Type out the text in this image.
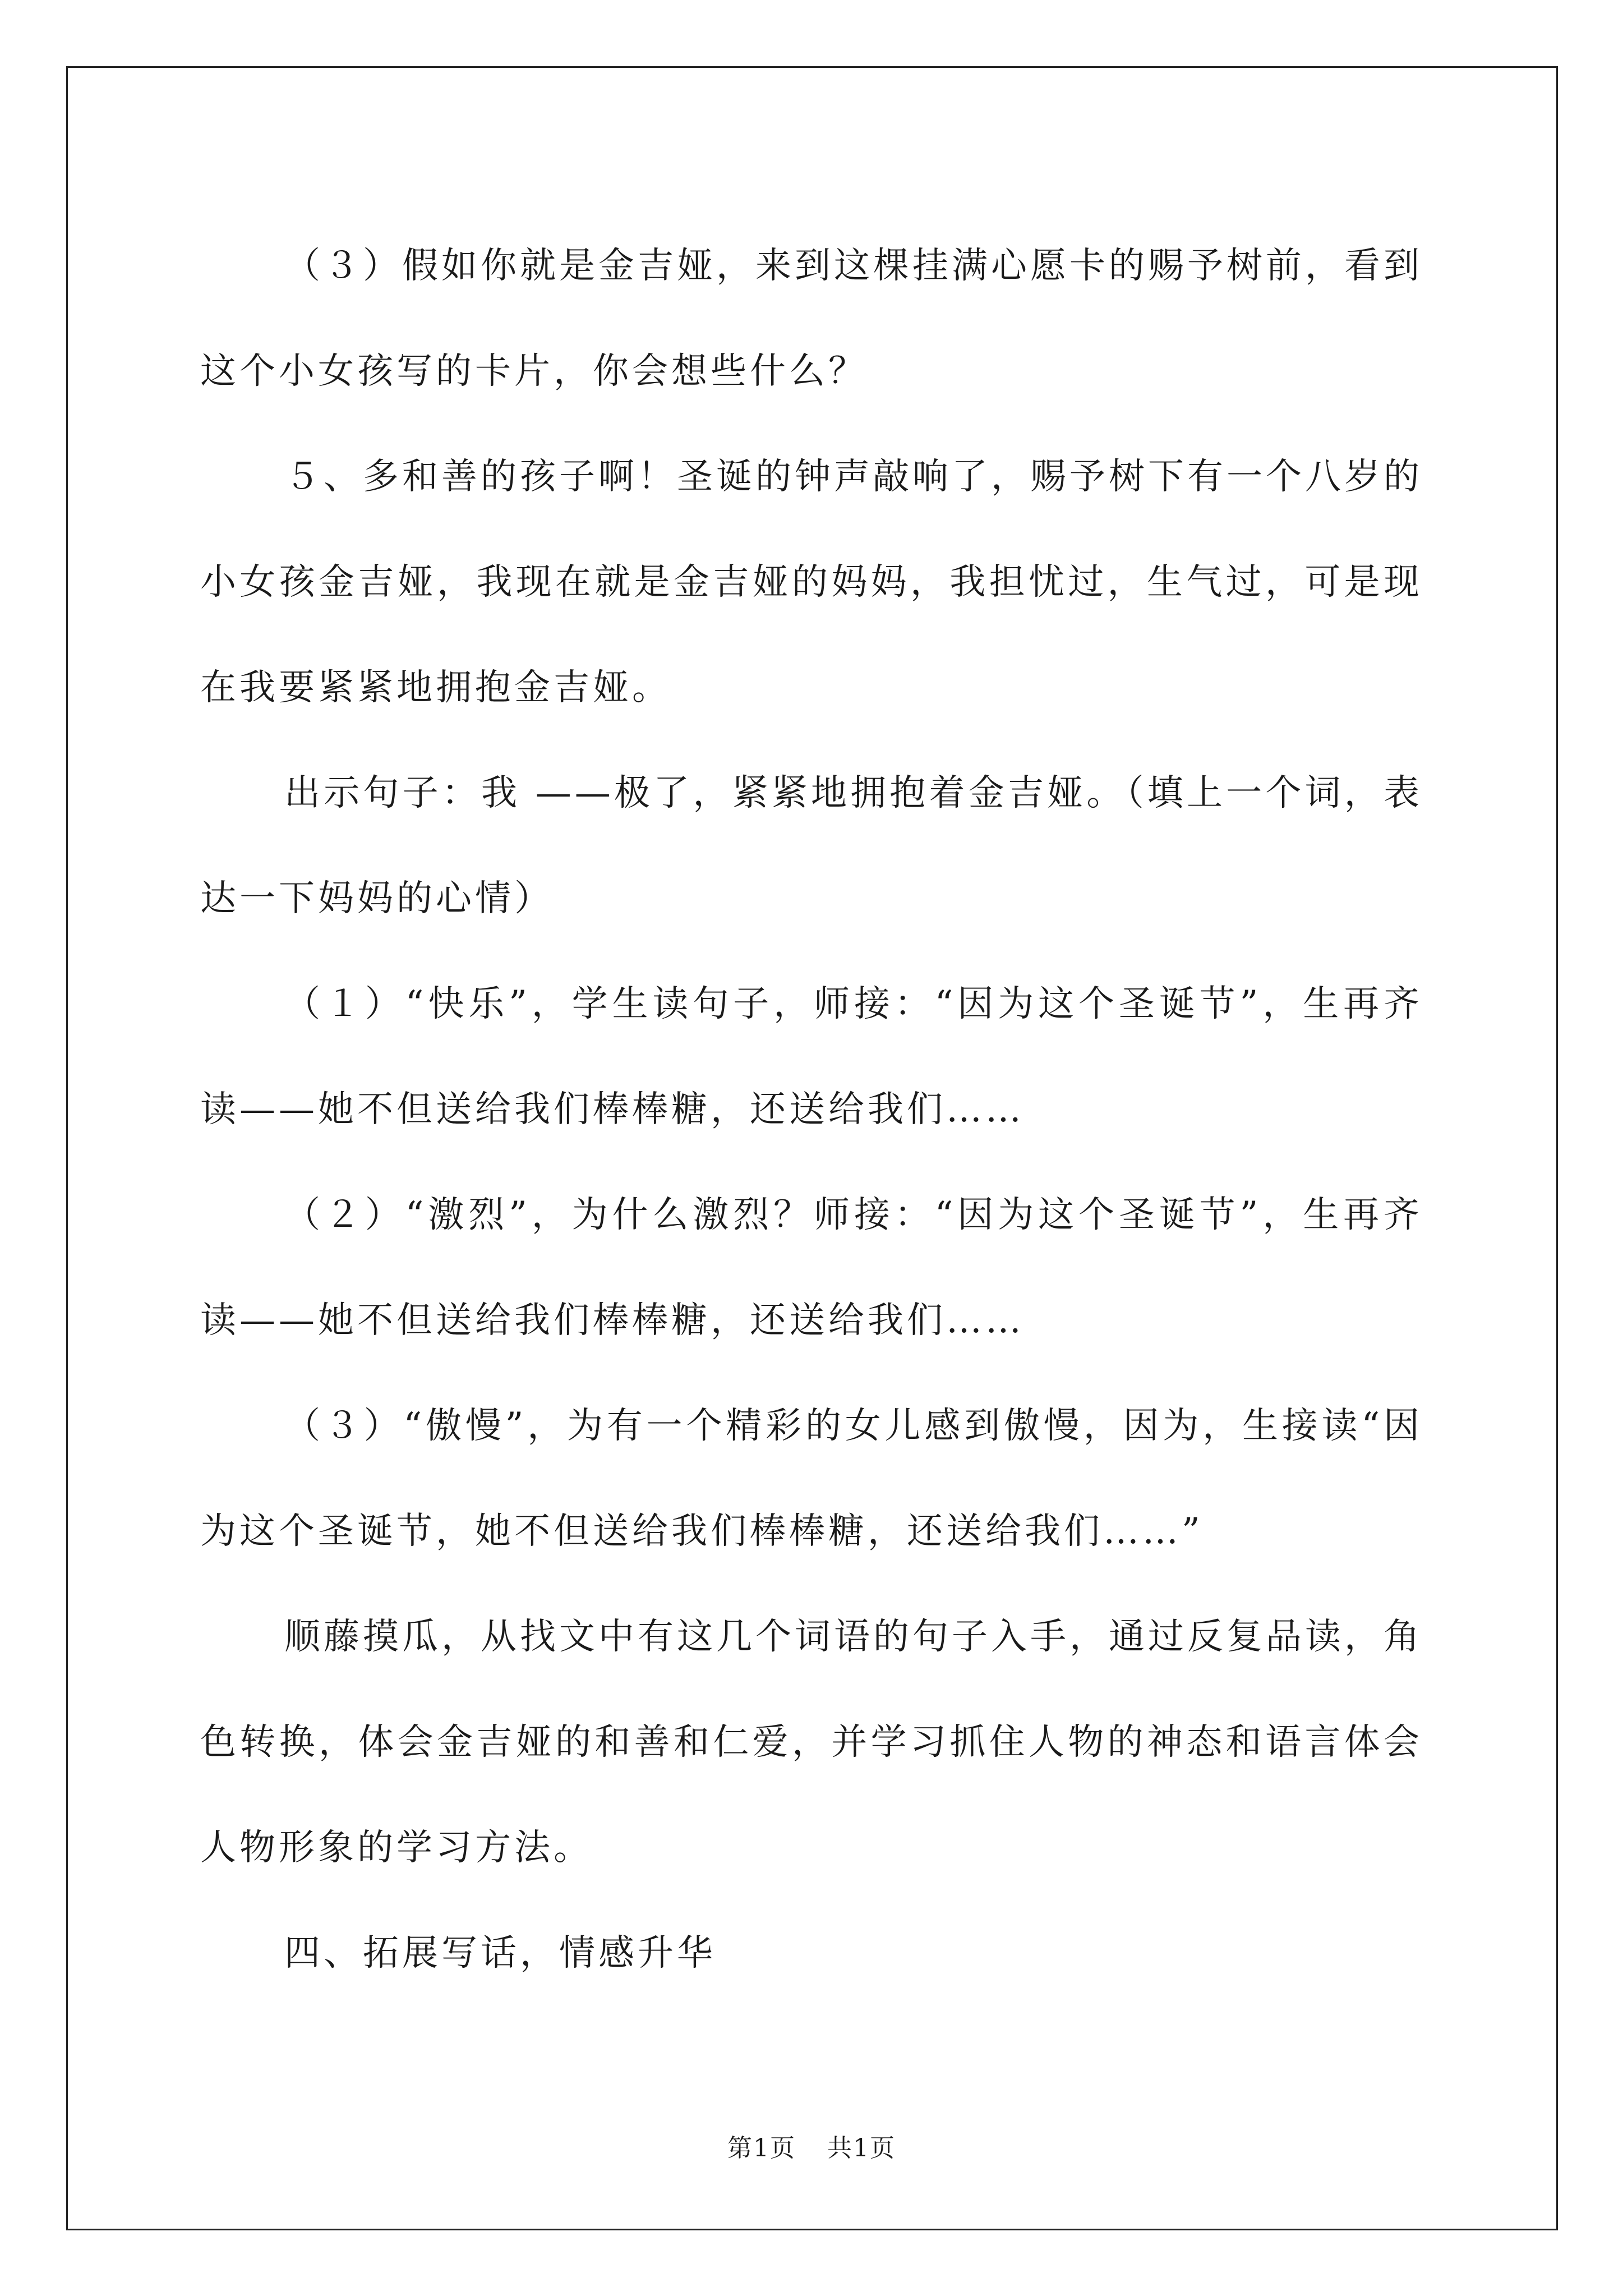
（３）假如你就是金吉娅，来到这棵挂满心愿卡的赐予树前，看到这个小女孩写的卡片，你会想些什么？

５、多和善的孩子啊！圣诞的钟声敲响了，赐予树下有一个八岁的小女孩金吉娅，我现在就是金吉娅的妈妈，我担忧过，生气过，可是现在我要紧紧地拥抱金吉娅。

出示句子：我 ——极了，紧紧地拥抱着金吉娅。（填上一个词，表达一下妈妈的心情）

（１）“快乐”，学生读句子，师接：“因为这个圣诞节”，生再齐读——她不但送给我们棒棒糖，还送给我们……

（２）“激烈”，为什么激烈？师接：“因为这个圣诞节”，生再齐读——她不但送给我们棒棒糖，还送给我们……

（３）“傲慢”，为有一个精彩的女儿感到傲慢，因为，生接读“因为这个圣诞节，她不但送给我们棒棒糖，还送给我们……”

顺藤摸瓜，从找文中有这几个词语的句子入手，通过反复品读，角色转换，体会金吉娅的和善和仁爱，并学习抓住人物的神态和语言体会人物形象的学习方法。

四、拓展写话，情感升华

第1页 共1页
